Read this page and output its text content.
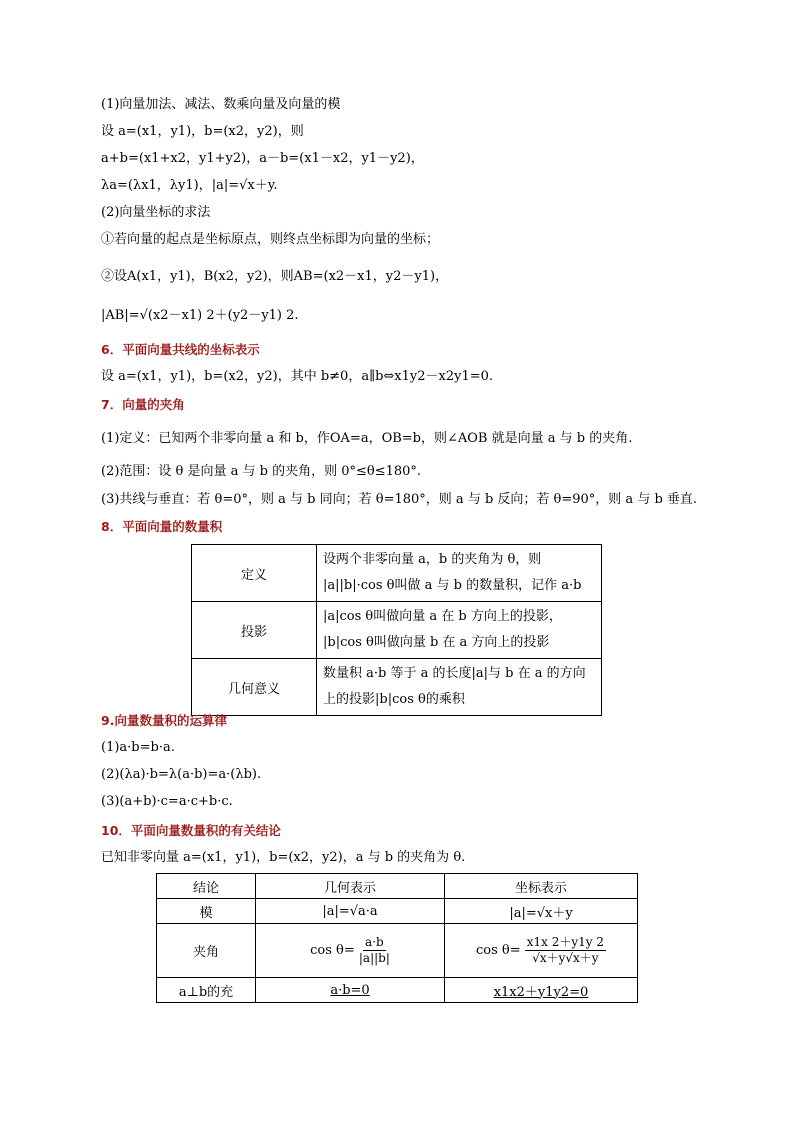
(1)向量加法、减法、数乘向量及向量的模
设 a=(x1，y1)，b=(x2，y2)，则
a+b=(x1+x2，y1+y2)，a－b=(x1－x2，y1－y2)，
λa=(λx1，λy1)，|a|=√x＋y.
(2)向量坐标的求法
①若向量的起点是坐标原点，则终点坐标即为向量的坐标；
②设A(x1，y1)，B(x2，y2)，则AB=(x2－x1，y2－y1)，
|AB|=√(x2－x1) 2＋(y2－y1) 2.
6．平面向量共线的坐标表示
设 a=(x1，y1)，b=(x2，y2)，其中 b≠0，a∥b⇔x1y2－x2y1=0.
7．向量的夹角
(1)定义：已知两个非零向量 a 和 b，作OA=a，OB=b，则∠AOB 就是向量 a 与 b 的夹角.
(2)范围：设 θ 是向量 a 与 b 的夹角，则 0°≤θ≤180°.
(3)共线与垂直：若 θ=0°，则 a 与 b 同向；若 θ=180°，则 a 与 b 反向；若 θ=90°，则 a 与 b 垂直.
8．平面向量的数量积
定义	设两个非零向量 a，b 的夹角为 θ，则
|a||b|·cos θ叫做 a 与 b 的数量积，记作 a·b

投影	|a|cos θ叫做向量 a 在 b 方向上的投影，
|b|cos θ叫做向量 b 在 a 方向上的投影

几何意义	数量积 a·b 等于 a 的长度|a|与 b 在 a 的方向
上的投影|b|cos θ的乘积
9.向量数量积的运算律
(1)a·b=b·a.
(2)(λa)·b=λ(a·b)=a·(λb).
(3)(a+b)·c=a·c+b·c.
10．平面向量数量积的有关结论
已知非零向量 a=(x1，y1)，b=(x2，y2)，a 与 b 的夹角为 θ.
结论	几何表示	坐标表示
模	|a|=√a·a	|a|=√x＋y
夹角	$\cos \theta= \frac{a\cdot b}{|a||b|}$	$\cos \theta= \frac{x1x 2+y1y 2}{√x+y√x+y}$

a⊥b的充	a·b=0	x1x2＋y1y2=0
